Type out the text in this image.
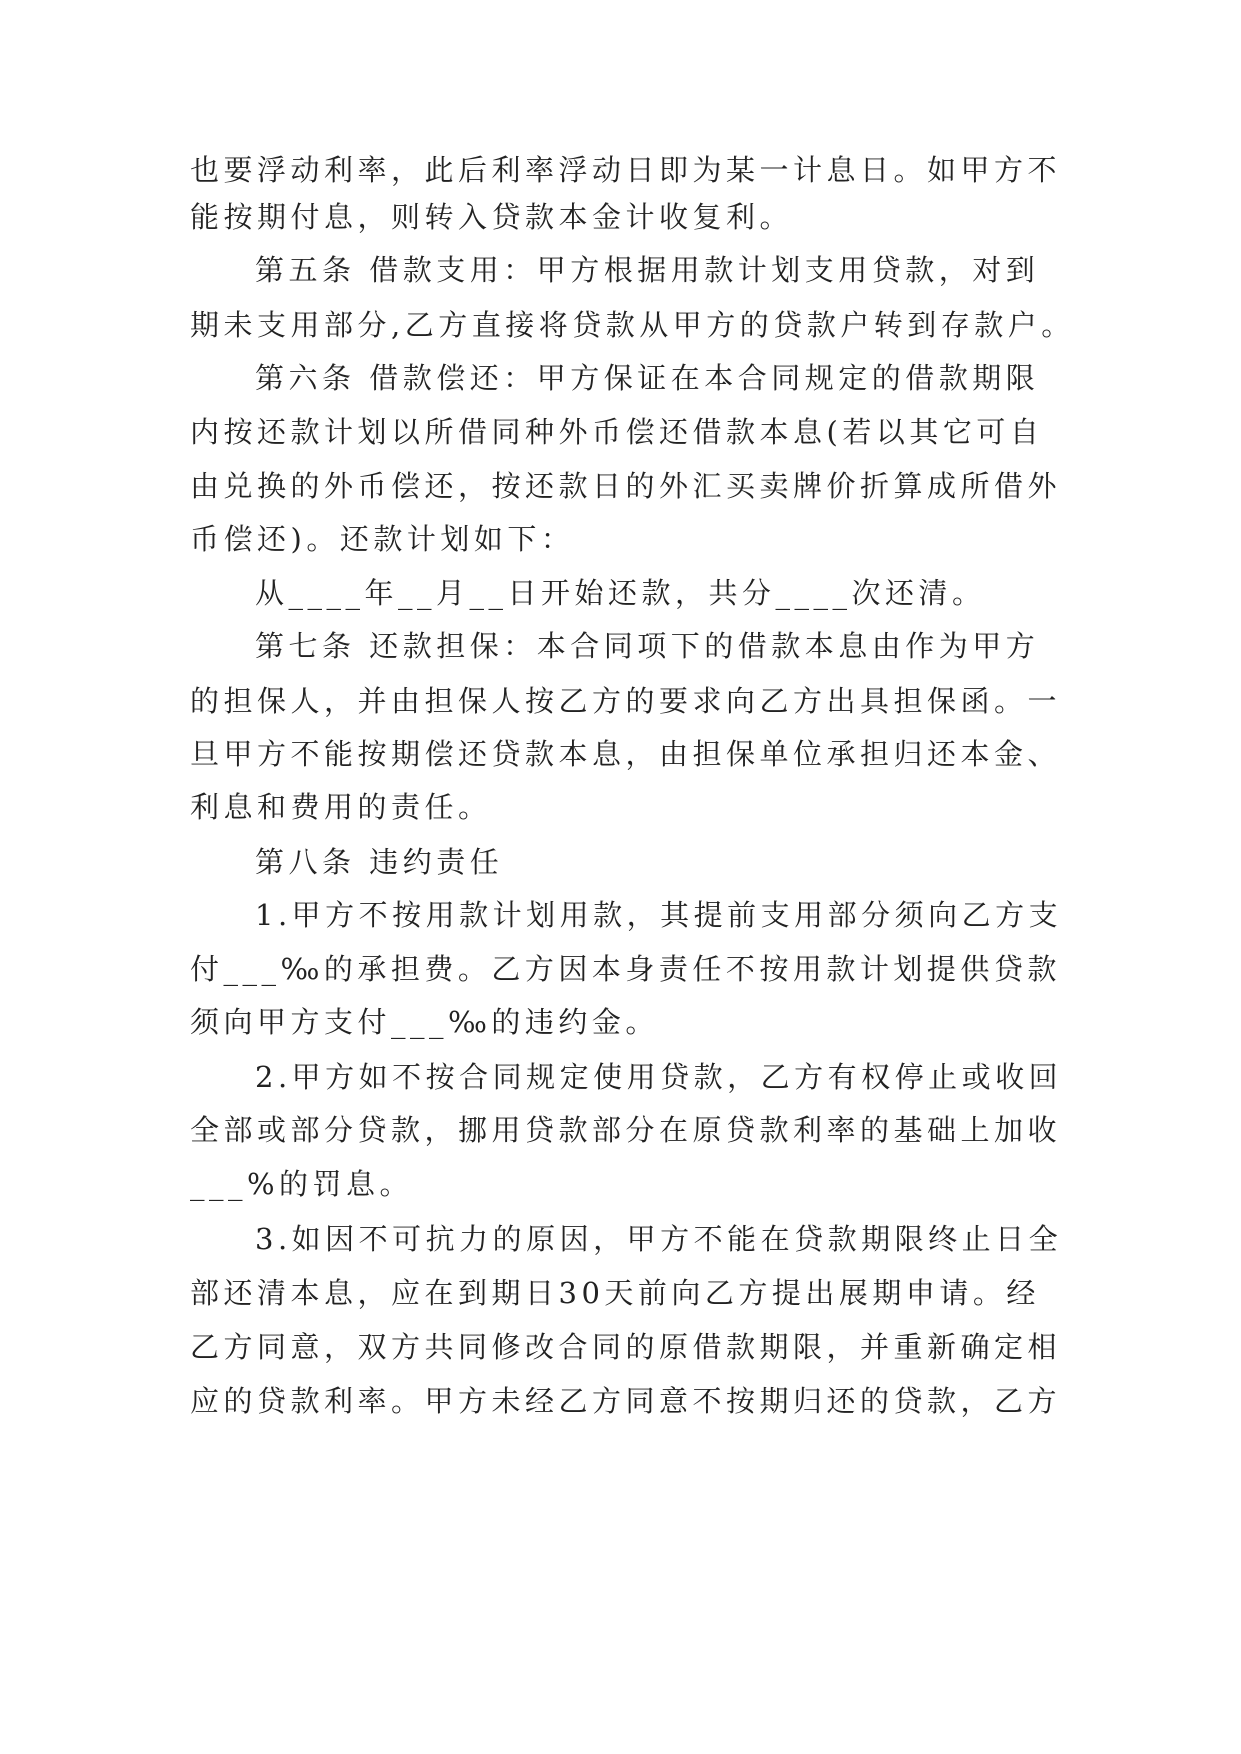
也要浮动利率，此后利率浮动日即为某一计息日。如甲方不
能按期付息，则转入贷款本金计收复利。
第五条 借款支用：甲方根据用款计划支用贷款，对到
期未支用部分,乙方直接将贷款从甲方的贷款户转到存款户。
第六条 借款偿还：甲方保证在本合同规定的借款期限
内按还款计划以所借同种外币偿还借款本息(若以其它可自
由兑换的外币偿还，按还款日的外汇买卖牌价折算成所借外
币偿还)。还款计划如下：
从____年__月__日开始还款，共分____次还清。
第七条 还款担保：本合同项下的借款本息由作为甲方
的担保人，并由担保人按乙方的要求向乙方出具担保函。一
旦甲方不能按期偿还贷款本息，由担保单位承担归还本金、
利息和费用的责任。
第八条 违约责任
1.甲方不按用款计划用款，其提前支用部分须向乙方支
付___‰的承担费。乙方因本身责任不按用款计划提供贷款
须向甲方支付___‰的违约金。
2.甲方如不按合同规定使用贷款，乙方有权停止或收回
全部或部分贷款，挪用贷款部分在原贷款利率的基础上加收
___%的罚息。
3.如因不可抗力的原因，甲方不能在贷款期限终止日全
部还清本息，应在到期日30天前向乙方提出展期申请。经
乙方同意，双方共同修改合同的原借款期限，并重新确定相
应的贷款利率。甲方未经乙方同意不按期归还的贷款，乙方
